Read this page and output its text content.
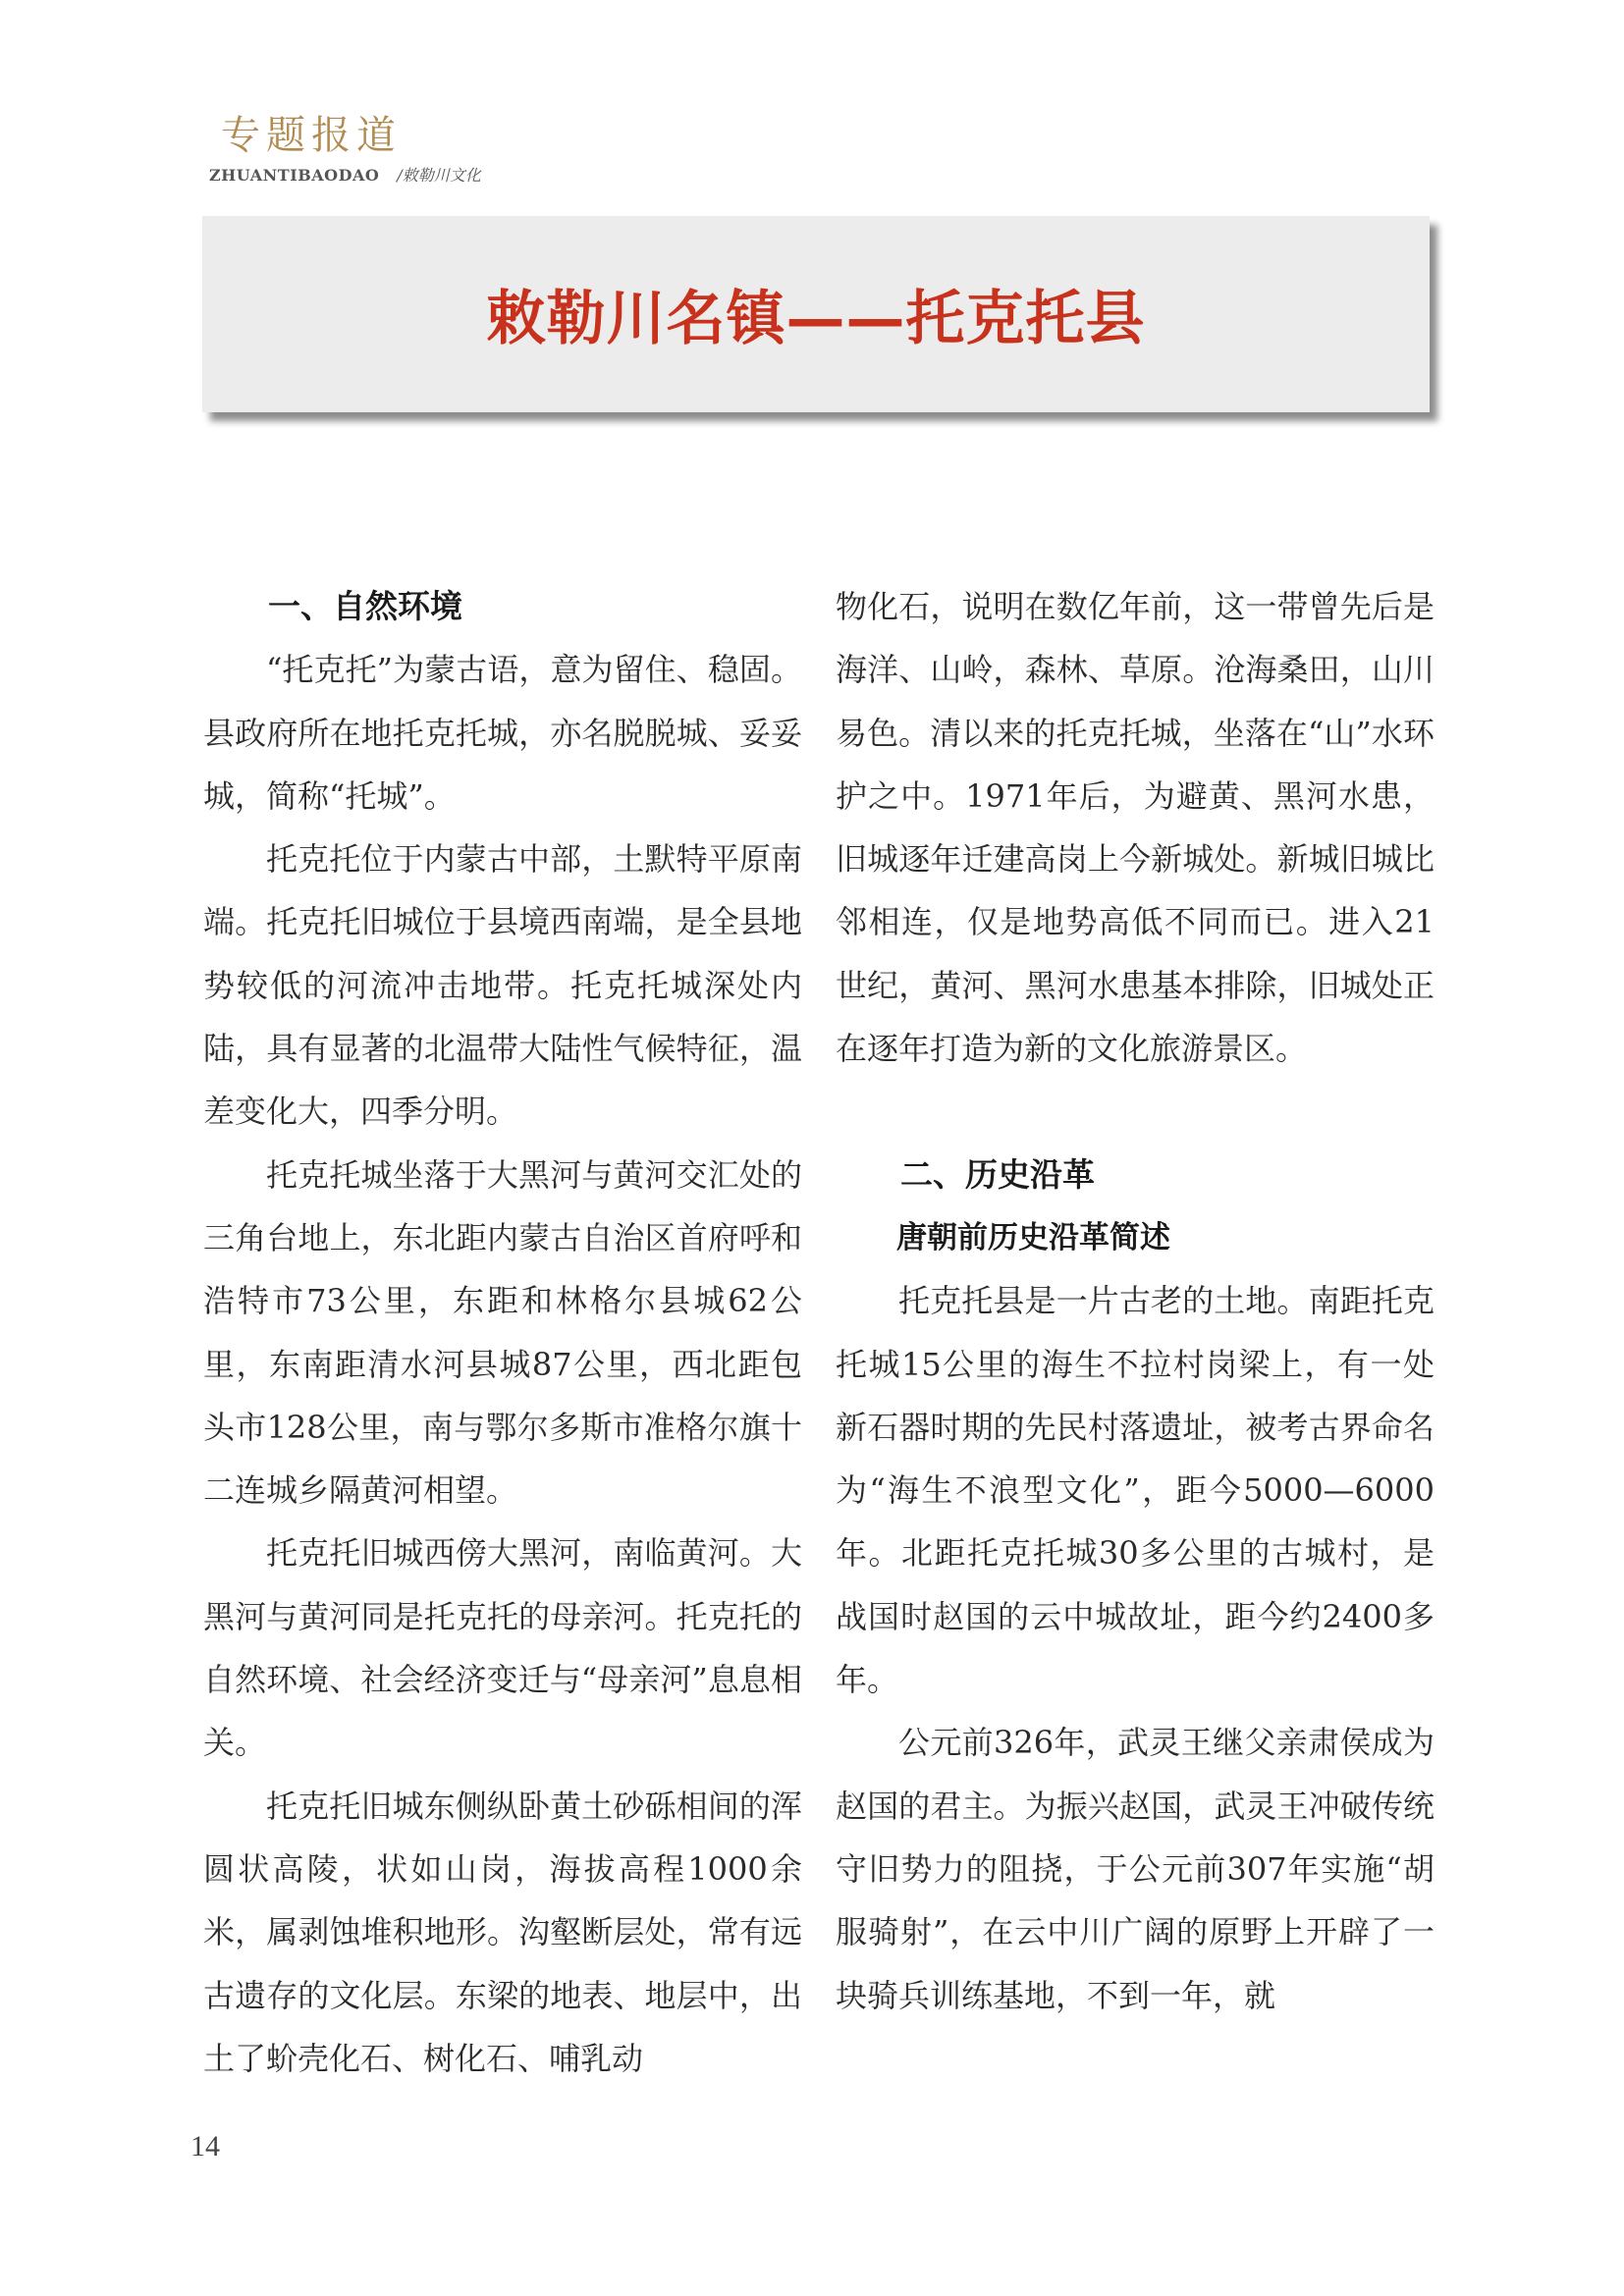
专题报道
ZHUANTIBAODAO /敕勒川文化
敕勒川名镇——托克托县
一、自然环境

“托克托”为蒙古语，意为留住、稳固。县政府所在地托克托城，亦名脱脱城、妥妥城，简称“托城”。

托克托位于内蒙古中部，土默特平原南端。托克托旧城位于县境西南端，是全县地势较低的河流冲击地带。托克托城深处内陆，具有显著的北温带大陆性气候特征，温差变化大，四季分明。

托克托城坐落于大黑河与黄河交汇处的三角台地上，东北距内蒙古自治区首府呼和浩特市73公里，东距和林格尔县城62公里，东南距清水河县城87公里，西北距包头市128公里，南与鄂尔多斯市准格尔旗十二连城乡隔黄河相望。

托克托旧城西傍大黑河，南临黄河。大黑河与黄河同是托克托的母亲河。托克托的自然环境、社会经济变迁与“母亲河”息息相关。

托克托旧城东侧纵卧黄土砂砾相间的浑圆状高陵，状如山岗，海拔高程1000余米，属剥蚀堆积地形。沟壑断层处，常有远古遗存的文化层。东梁的地表、地层中，出土了蚧壳化石、树化石、哺乳动

物化石，说明在数亿年前，这一带曾先后是海洋、山岭，森林、草原。沧海桑田，山川易色。清以来的托克托城，坐落在“山”水环护之中。1971年后，为避黄、黑河水患，旧城逐年迁建高岗上今新城处。新城旧城比邻相连，仅是地势高低不同而已。进入21世纪，黄河、黑河水患基本排除，旧城处正在逐年打造为新的文化旅游景区。

二、历史沿革
唐朝前历史沿革简述

托克托县是一片古老的土地。南距托克托城15公里的海生不拉村岗梁上，有一处新石器时期的先民村落遗址，被考古界命名为“海生不浪型文化”，距今5000—6000年。北距托克托城30多公里的古城村，是战国时赵国的云中城故址，距今约2400多年。

公元前326年，武灵王继父亲肃侯成为赵国的君主。为振兴赵国，武灵王冲破传统守旧势力的阻挠，于公元前307年实施“胡服骑射”，在云中川广阔的原野上开辟了一块骑兵训练基地，不到一年，就

14
